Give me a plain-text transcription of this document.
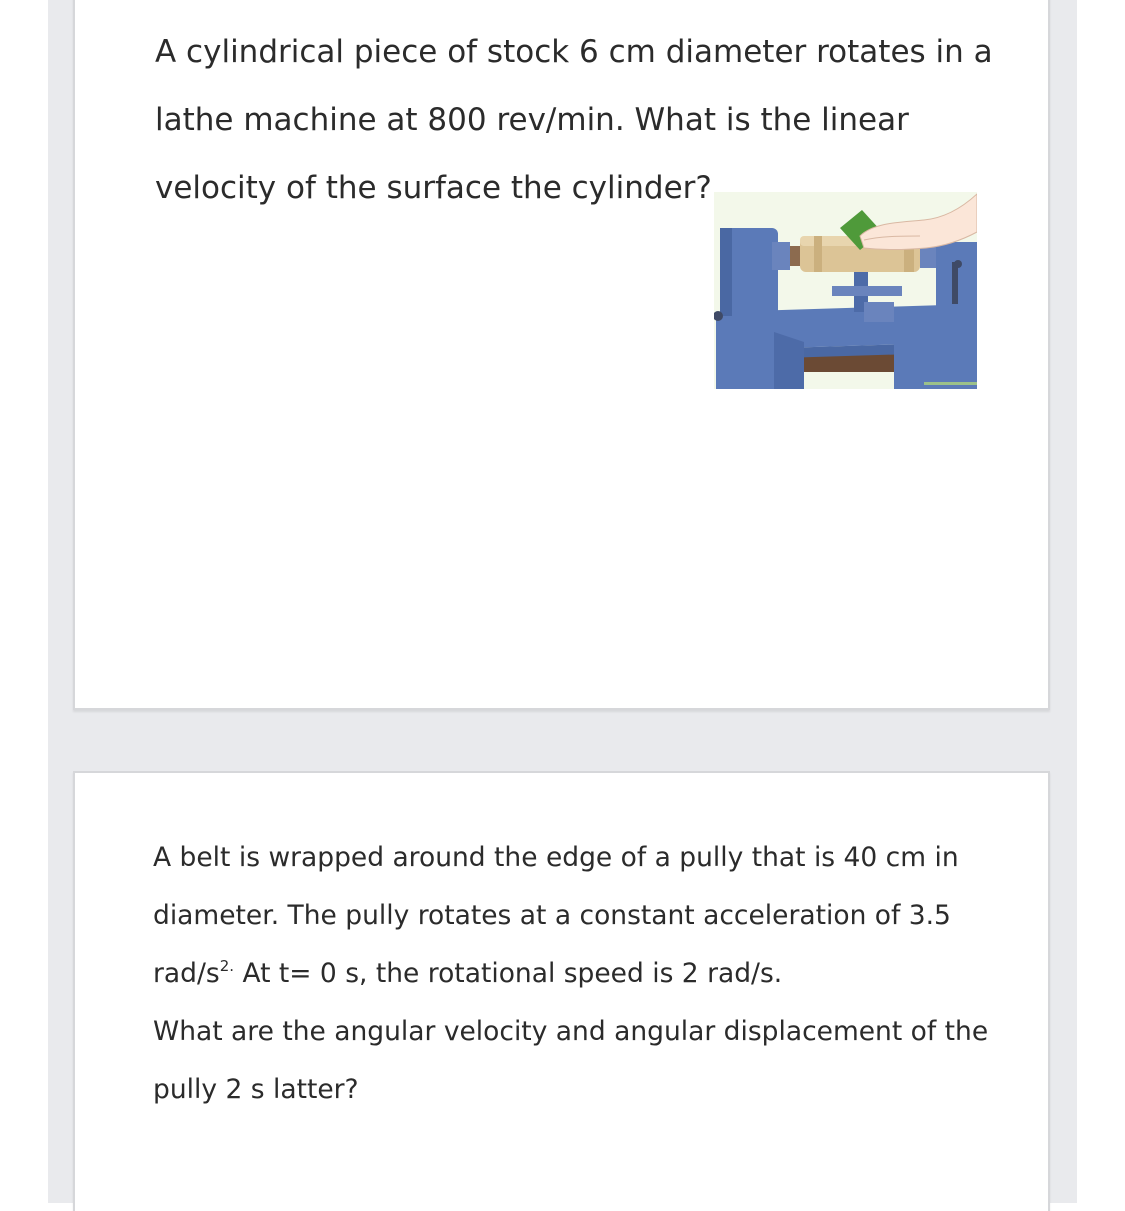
A cylindrical piece of stock 6 cm diameter rotates in a
lathe machine at 800 rev/min. What is the linear
velocity of the surface the cylinder?

A belt is wrapped around the edge of a pully that is 40 cm in
diameter. The pully rotates at a constant acceleration of 3.5
rad/$s^{2.}$ At t= 0 s, the rotational speed is 2 rad/s.
What are the angular velocity and angular displacement of the
pully 2 s latter?
